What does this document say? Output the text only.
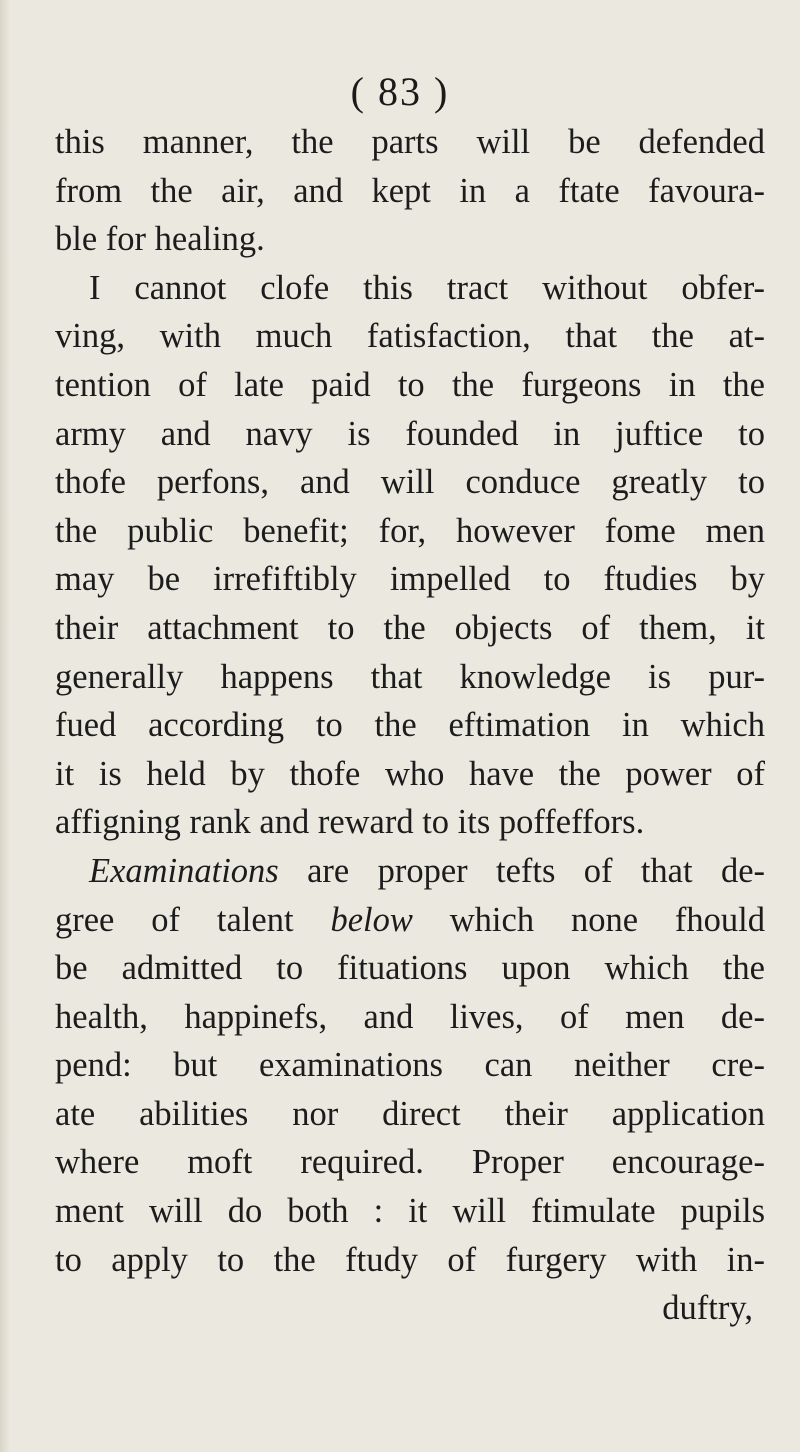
( 83 )
this manner, the parts will be defended
from the air, and kept in a ftate favoura-
ble for healing.
I cannot clofe this tract without obfer-
ving, with much fatisfaction, that the at-
tention of late paid to the furgeons in the
army and navy is founded in juftice to
thofe perfons, and will conduce greatly to
the public benefit; for, however fome men
may be irrefiftibly impelled to ftudies by
their attachment to the objects of them, it
generally happens that knowledge is pur-
fued according to the eftimation in which
it is held by thofe who have the power of
affigning rank and reward to its poffeffors.
Examinations are proper tefts of that de-
gree of talent below which none fhould
be admitted to fituations upon which the
health, happinefs, and lives, of men de-
pend: but examinations can neither cre-
ate abilities nor direct their application
where moft required. Proper encourage-
ment will do both : it will ftimulate pupils
to apply to the ftudy of furgery with in-
duftry,
